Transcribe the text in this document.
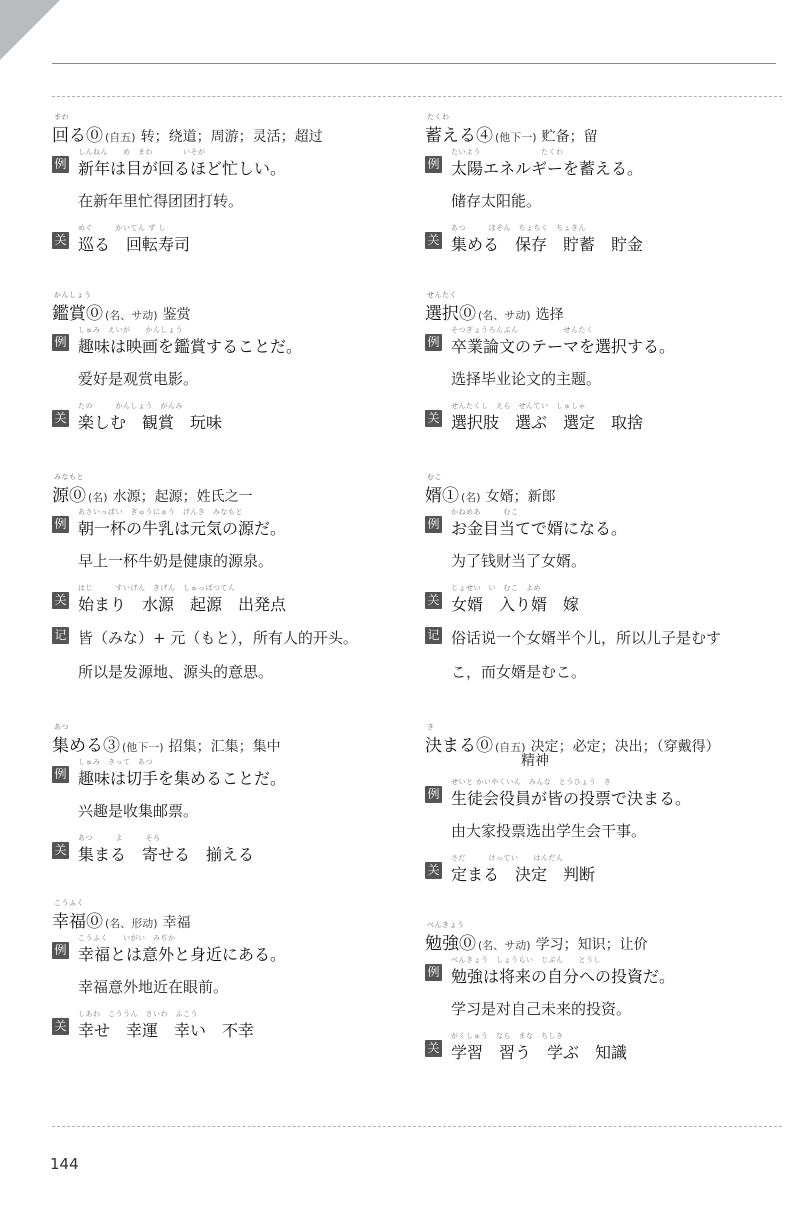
まわ
回る⓪ (自五) 转；绕道；周游；灵活；超过
例
しんねん　　め　まわ　　　　いそが
新年は目が回るほど忙しい。
在新年里忙得团团打转。
关
めぐ　　　かいてん ず し
巡る　回転寿司
かんしょう
鑑賞⓪ (名、サ动) 鉴赏
例
しゅみ　えいが　　かんしょう
趣味は映画を鑑賞することだ。
爱好是观赏电影。
关
たの　　　かんしょう　がんみ
楽しむ　観賞　玩味
みなもと
源⓪ (名) 水源；起源；姓氏之一
例
あさいっぱい　ぎゅうにゅう　げんき　みなもと
朝一杯の牛乳は元気の源だ。
早上一杯牛奶是健康的源泉。
关
はじ　　　すいげん　きげん　しゅっぱつてん
始まり　水源　起源　出発点
记 皆（みな）+ 元（もと），所有人的开头。
所以是发源地、源头的意思。
あつ
集める③ (他下一) 招集；汇集；集中
例
しゅみ　きって　あつ
趣味は切手を集めることだ。
兴趣是收集邮票。
关
あつ　　　よ　　　そろ
集まる　寄せる　揃える
こうふく
幸福⓪ (名、形动) 幸福
例
こうふく　　いがい　みぢか
幸福とは意外と身近にある。
幸福意外地近在眼前。
关
しあわ　こううん　さいわ　ふこう
幸せ　幸運　幸い　不幸
たくわ
蓄える④ (他下一) 贮备；留
例
たいよう　　　　　　　　たくわ
太陽エネルギーを蓄える。
储存太阳能。
关
あつ　　　ほぞん　ちょちく　ちょきん
集める　保存　貯蓄　貯金
せんたく
選択⓪ (名、サ动) 选择
例
そつぎょうろんぶん　　　　　　せんたく
卒業論文のテーマを選択する。
选择毕业论文的主题。
关
せんたくし　えら　せんてい　しゅしゃ
選択肢　選ぶ　選定　取捨
むこ
婿① (名) 女婿；新郎
例
かねめあ　　　むこ
お金目当てで婿になる。
为了钱财当了女婿。
关
じょせい　い　むこ　よめ
女婿　入り婿　嫁
记 俗话说一个女婿半个儿，所以儿子是むす
こ，而女婿是むこ。
き
決まる⓪ (自五) 决定；必定；决出；（穿戴得）
精神
例
せいと かいやくいん　みんな　とうひょう　き
生徒会役員が皆の投票で決まる。
由大家投票选出学生会干事。
关
さだ　　　けってい　　はんだん
定まる　決定　判断
べんきょう
勉強⓪ (名、サ动) 学习；知识；让价
例
べんきょう　しょうらい　じぶん　　とうし
勉強は将来の自分への投資だ。
学习是对自己未来的投资。
关
がくしゅう　なら　まな　ちしき
学習　習う　学ぶ　知識
144
